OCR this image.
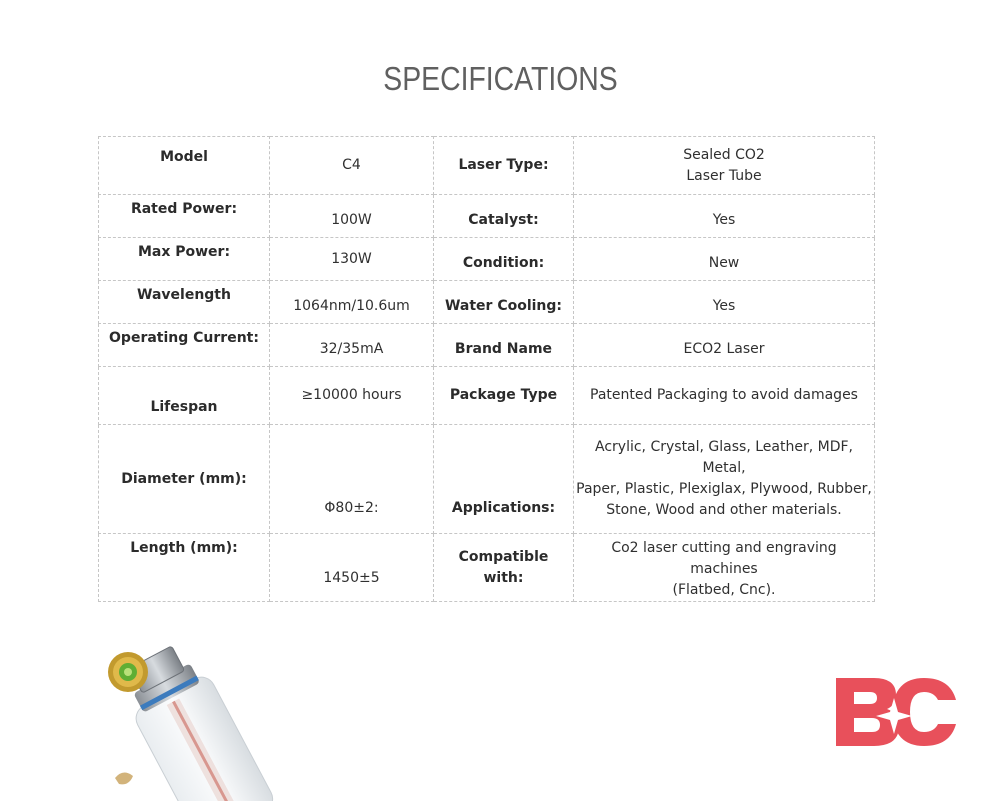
SPECIFICATIONS
Model	C4	Laser Type:	Sealed CO2
Laser Tube

Rated Power:	100W	Catalyst:	Yes
Max Power:	130W	Condition:	New
Wavelength	1064nm/10.6um	Water Cooling:	Yes
Operating Current:	32/35mA	Brand Name	ECO2 Laser
Lifespan	≥10000 hours	Package Type	Patented Packaging to avoid damages
Diameter (mm):	Φ80±2:	Applications:	Acrylic, Crystal, Glass, Leather, MDF, Metal,
Paper, Plastic, Plexiglax, Plywood, Rubber,
Stone, Wood and other materials.

Length (mm):	1450±5	Compatible with:	Co2 laser cutting and engraving machines
(Flatbed, Cnc).
